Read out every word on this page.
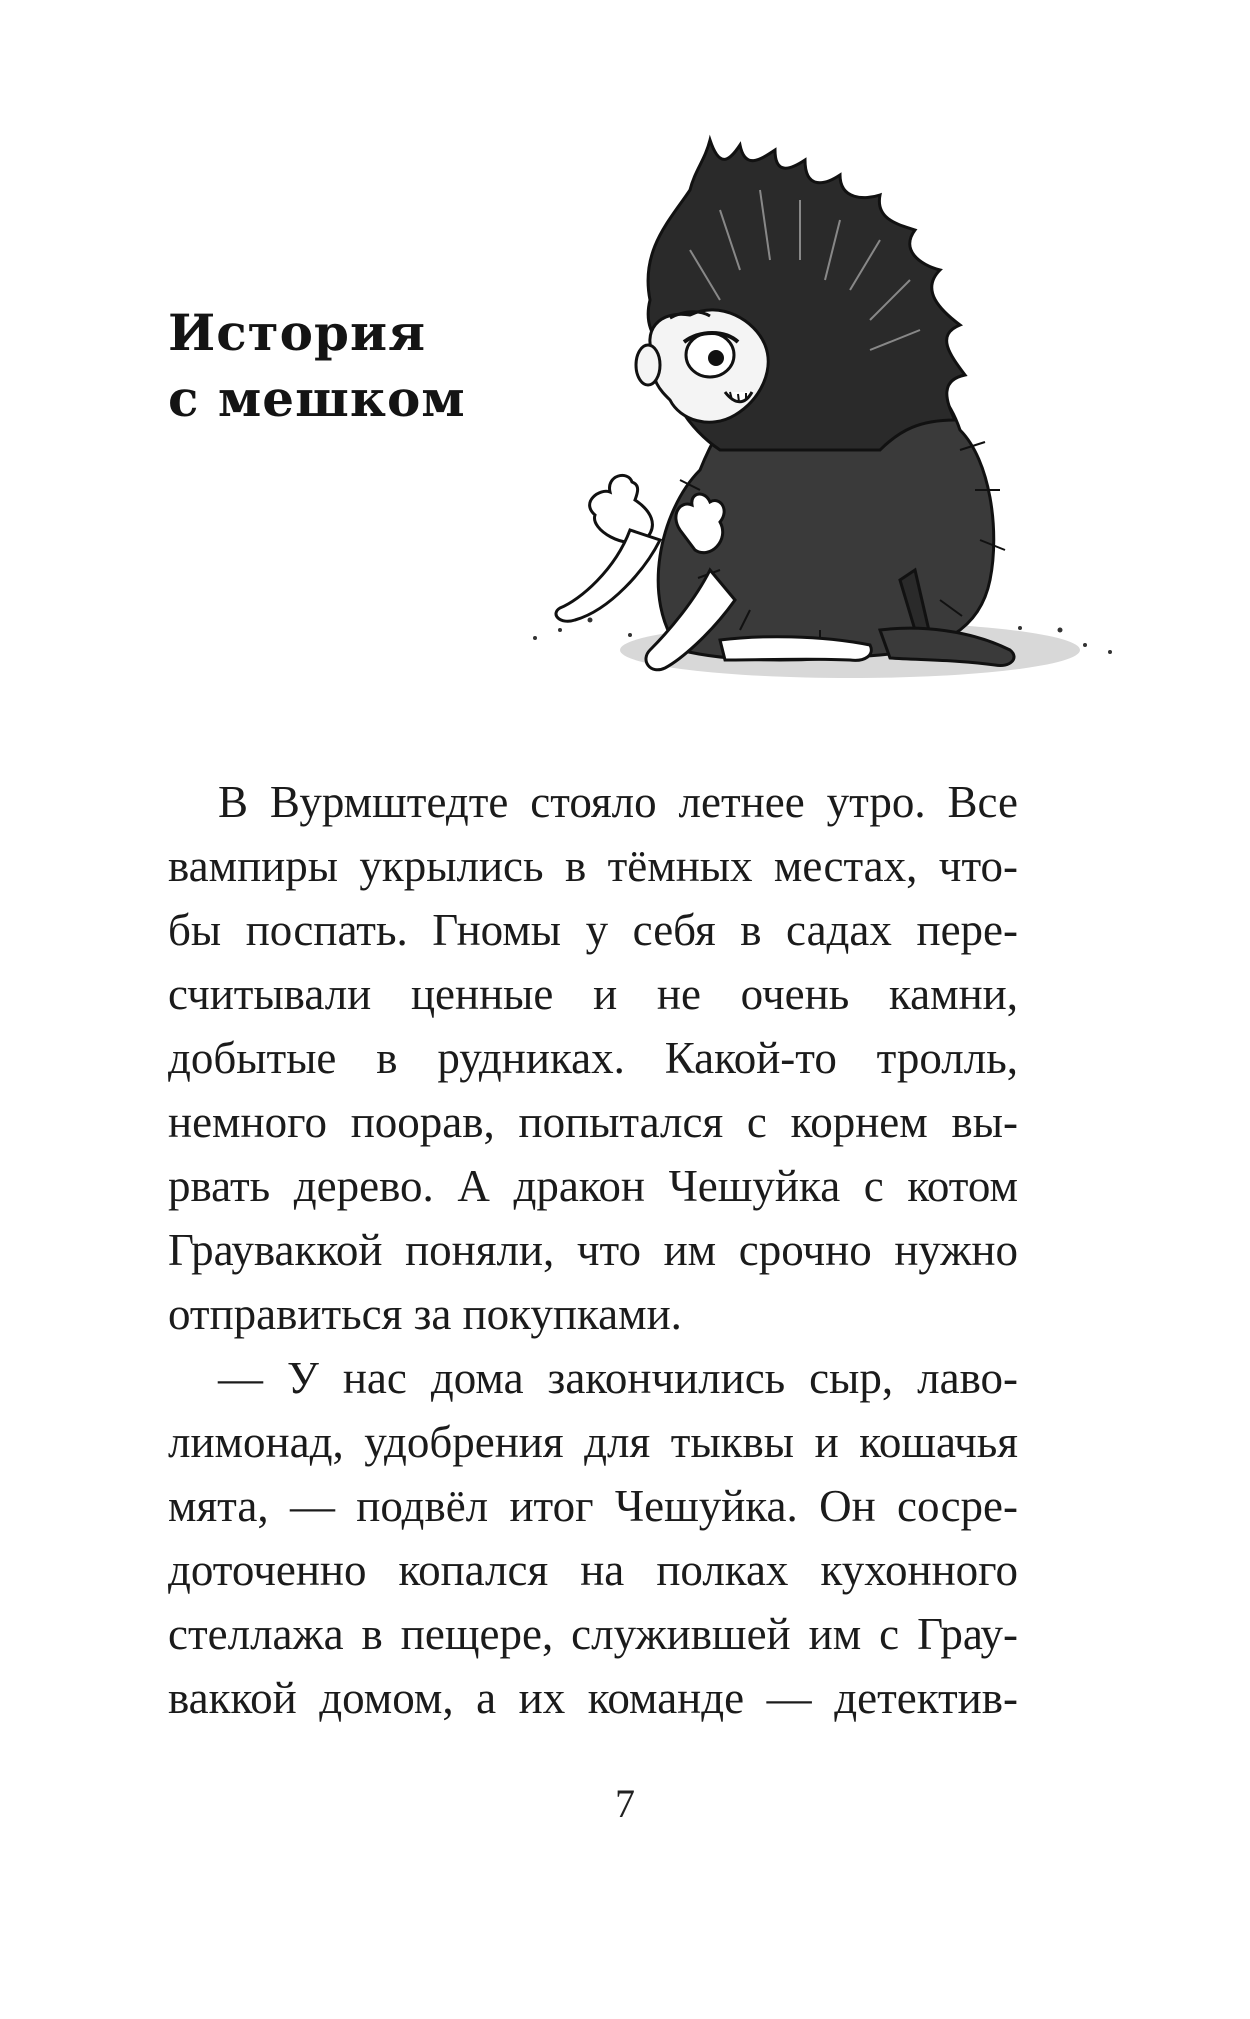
История
с мешком
В Вурмштедте стояло летнее утро. Все
вампиры укрылись в тёмных местах, что-
бы поспать. Гномы у себя в садах пере-
считывали ценные и не очень камни,
добытые в рудниках. Какой-то тролль,
немного поорав, попытался с корнем вы-
рвать дерево. А дракон Чешуйка с котом
Грауваккой поняли, что им срочно нужно
отправиться за покупками.
— У нас дома закончились сыр, лаво-
лимонад, удобрения для тыквы и кошачья
мята, — подвёл итог Чешуйка. Он сосре-
доточенно копался на полках кухонного
стеллажа в пещере, служившей им с Грау-
ваккой домом, а их команде — детектив-
7
